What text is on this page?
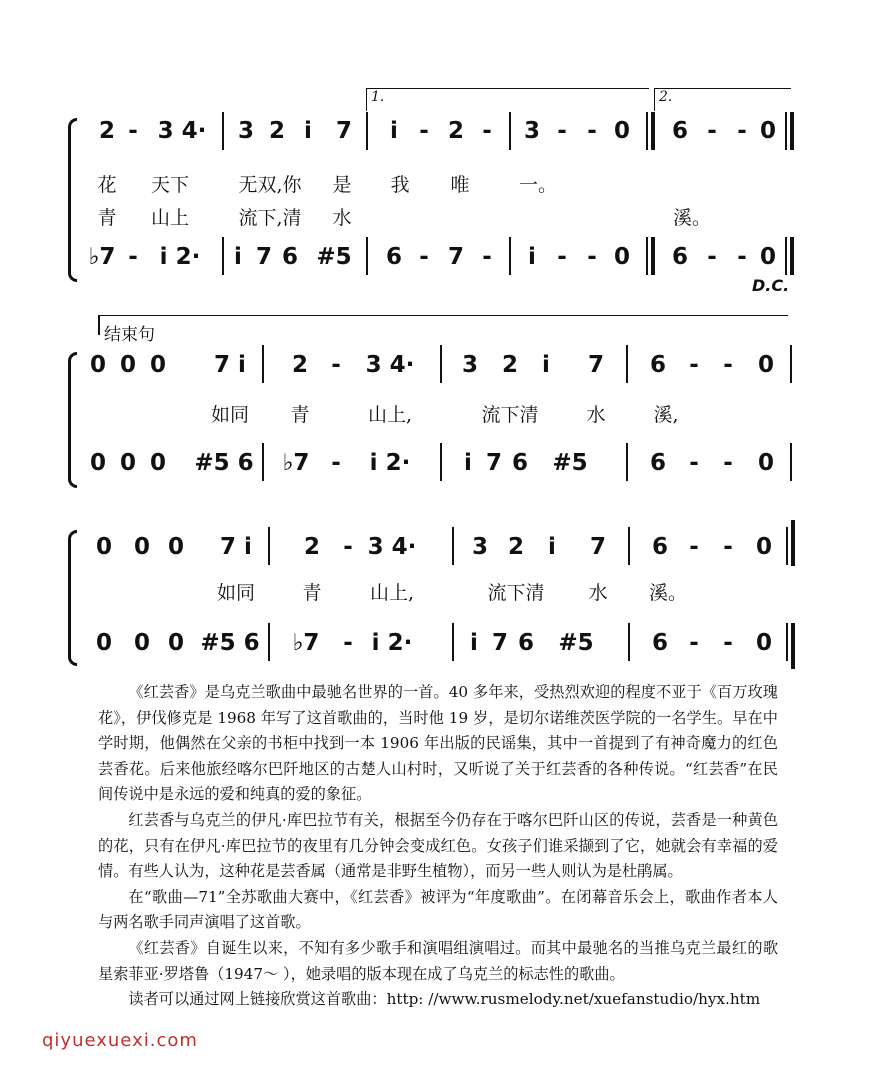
1.	2.
2 - 3 4· 3 2 i 7 i - 2 - 3 - - 0 6 - - 0
花 天下	无双,你 是 我 唯	一。
青 山上	流下,清 水	溪。
♭7 - i 2· i 7 6 #5 6 - 7 - i - - 0 6 - - 0
D.C.
结束句
0 0 0 7 i 2 - 3 4· 3 2 i 7 6 - - 0
如同 青	山上,	流下清	水	溪,
0 0 0 #5 6 ♭7 - i 2· i 7 6 #5	6 - - 0
0 0 0 7 i 2 - 3 4· 3 2 i 7 6 - - 0
如同 青	山上,	流下清 水 溪。
0 0 0 #5 6 ♭7 - i 2·	i 7 6 #5	6 - - 0

《红芸香》是乌克兰歌曲中最驰名世界的一首。40 多年来，受热烈欢迎的程度不亚于《百万玫瑰花》，伊伐修克是 1968 年写了这首歌曲的，当时他 19 岁，是切尔诺维茨医学院的一名学生。早在中学时期，他偶然在父亲的书柜中找到一本 1906 年出版的民谣集，其中一首提到了有神奇魔力的红色芸香花。后来他旅经喀尔巴阡地区的古楚人山村时，又听说了关于红芸香的各种传说。“红芸香”在民间传说中是永远的爱和纯真的爱的象征。

红芸香与乌克兰的伊凡·库巴拉节有关，根据至今仍存在于喀尔巴阡山区的传说，芸香是一种黄色的花，只有在伊凡·库巴拉节的夜里有几分钟会变成红色。女孩子们谁采撷到了它，她就会有幸福的爱情。有些人认为，这种花是芸香属（通常是非野生植物），而另一些人则认为是杜鹃属。

在“歌曲—71”全苏歌曲大赛中，《红芸香》被评为“年度歌曲”。在闭幕音乐会上，歌曲作者本人与两名歌手同声演唱了这首歌。

《红芸香》自诞生以来，不知有多少歌手和演唱组演唱过。而其中最驰名的当推乌克兰最红的歌星索菲亚·罗塔鲁（1947～ ），她录唱的版本现在成了乌克兰的标志性的歌曲。

读者可以通过网上链接欣赏这首歌曲：http: //www.rusmelody.net/xuefanstudio/hyx.htm

qiyuexuexi.com
